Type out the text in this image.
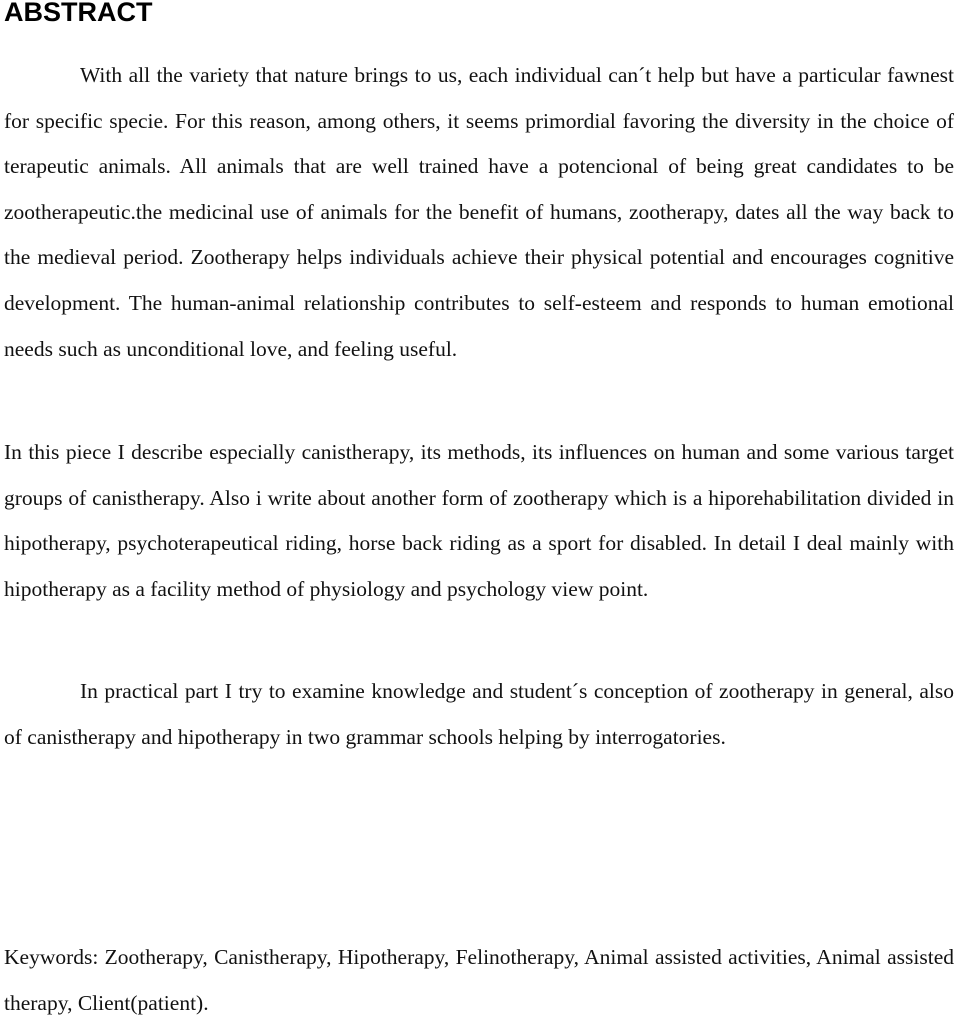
ABSTRACT

With all the variety that nature brings to us, each individual can´t help but have a particular fawnest for specific specie. For this reason, among others, it seems primordial favoring the diversity in the choice of terapeutic animals. All animals that are well trained have a potencional of being great candidates to be zootherapeutic.the medicinal use of animals for the benefit of humans, zootherapy, dates all the way back to the medieval period. Zootherapy helps individuals achieve their physical potential and encourages cognitive development. The human-animal relationship contributes to self-esteem and responds to human emotional needs such as unconditional love, and feeling useful.

In this piece I describe especially canistherapy, its methods, its influences on human and some various target groups of canistherapy. Also i write about another form of zootherapy which is a hiporehabilitation divided in hipotherapy, psychoterapeutical riding, horse back riding as a sport for disabled. In detail I deal mainly with hipotherapy as a facility method of physiology and psychology view point.

In practical part I try to examine knowledge and student´s conception of zootherapy in general, also of canistherapy and hipotherapy in two grammar schools helping by interrogatories.

Keywords: Zootherapy, Canistherapy, Hipotherapy, Felinotherapy, Animal assisted activities, Animal assisted therapy, Client(patient).
